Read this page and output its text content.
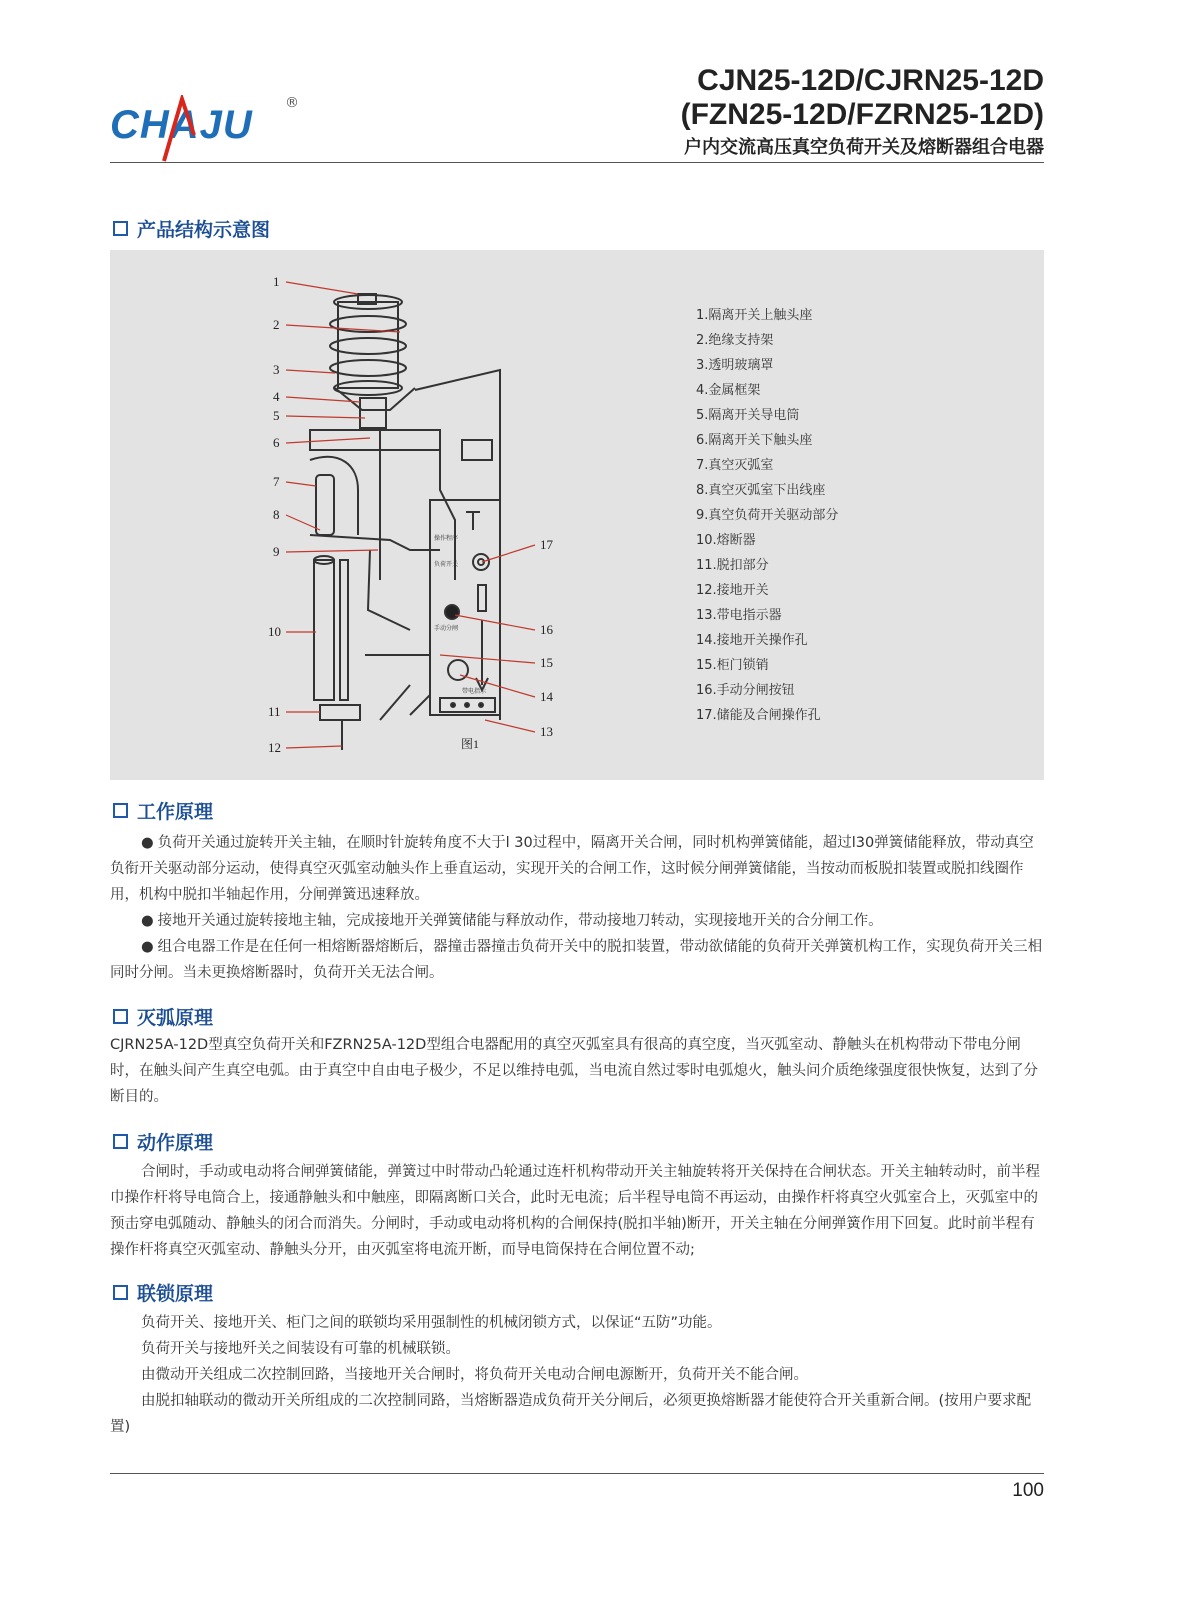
CHAJU ®
CJN25-12D/CJRN25-12D
(FZN25-12D/FZRN25-12D)
户内交流高压真空负荷开关及熔断器组合电器
产品结构示意图
1
2
3
4
5
6
7
8
9
10
11
12
13
14
15
16
17
操作程序
负荷开关
手动分闸
带电指示
图1
1.隔离开关上触头座
2.绝缘支持架
3.透明玻璃罩
4.金属框架
5.隔离开关导电筒
6.隔离开关下触头座
7.真空灭弧室
8.真空灭弧室下出线座
9.真空负荷开关驱动部分
10.熔断器
11.脱扣部分
12.接地开关
13.带电指示器
14.接地开关操作孔
15.柜门锁销
16.手动分闸按钮
17.储能及合闸操作孔
工作原理

● 负荷开关通过旋转开关主轴，在顺时针旋转角度不大于l 30过程中，隔离开关合闸，同时机构弹簧储能，超过l30弹簧储能释放，带动真空负衔开关驱动部分运动，使得真空灭弧室动触头作上垂直运动，实现开关的合闸工作，这时候分闸弹簧储能，当按动而板脱扣装置或脱扣线圈作用，机构中脱扣半轴起作用，分闸弹簧迅速释放。

● 接地开关通过旋转接地主轴，完成接地开关弹簧储能与释放动作，带动接地刀转动，实现接地开关的合分闸工作。

● 组合电器工作是在任何一相熔断器熔断后，器撞击器撞击负荷开关中的脱扣装置，带动欲储能的负荷开关弹簧机构工作，实现负荷开关三相同时分闸。当未更换熔断器时，负荷开关无法合闸。

灭弧原理

CJRN25A-12D型真空负荷开关和FZRN25A-12D型组合电器配用的真空灭弧室具有很高的真空度，当灭弧室动、静触头在机构带动下带电分闸时，在触头间产生真空电弧。由于真空中自由电子极少，不足以维持电弧，当电流自然过零时电弧熄火，触头问介质绝缘强度很快恢复，达到了分断目的。

动作原理

合闸时，手动或电动将合闸弹簧储能，弹簧过中时带动凸轮通过连杆机构带动开关主轴旋转将开关保持在合闸状态。开关主轴转动时，前半程巾操作杆将导电筒合上，接通静触头和中触座，即隔离断口关合，此时无电流；后半程导电筒不再运动，由操作杆将真空火弧室合上，灭弧室中的预击穿电弧随动、静触头的闭合而消失。分闸时，手动或电动将机构的合闸保持(脱扣半轴)断开，开关主轴在分闸弹簧作用下回复。此时前半程有操作杆将真空灭弧室动、静触头分开，由灭弧室将电流开断，而导电筒保持在合闸位置不动;

联锁原理

负荷开关、接地开关、柜门之间的联锁均采用强制性的机械闭锁方式，以保证“五防”功能。

负荷开关与接地歼关之间装设有可靠的机械联锁。

由微动开关组成二次控制回路，当接地开关合闸时，将负荷开关电动合闸电源断开，负荷开关不能合闸。

由脱扣轴联动的微动开关所组成的二次控制同路，当熔断器造成负荷开关分闸后，必须更换熔断器才能使符合开关重新合闸。(按用户要求配置)

100
